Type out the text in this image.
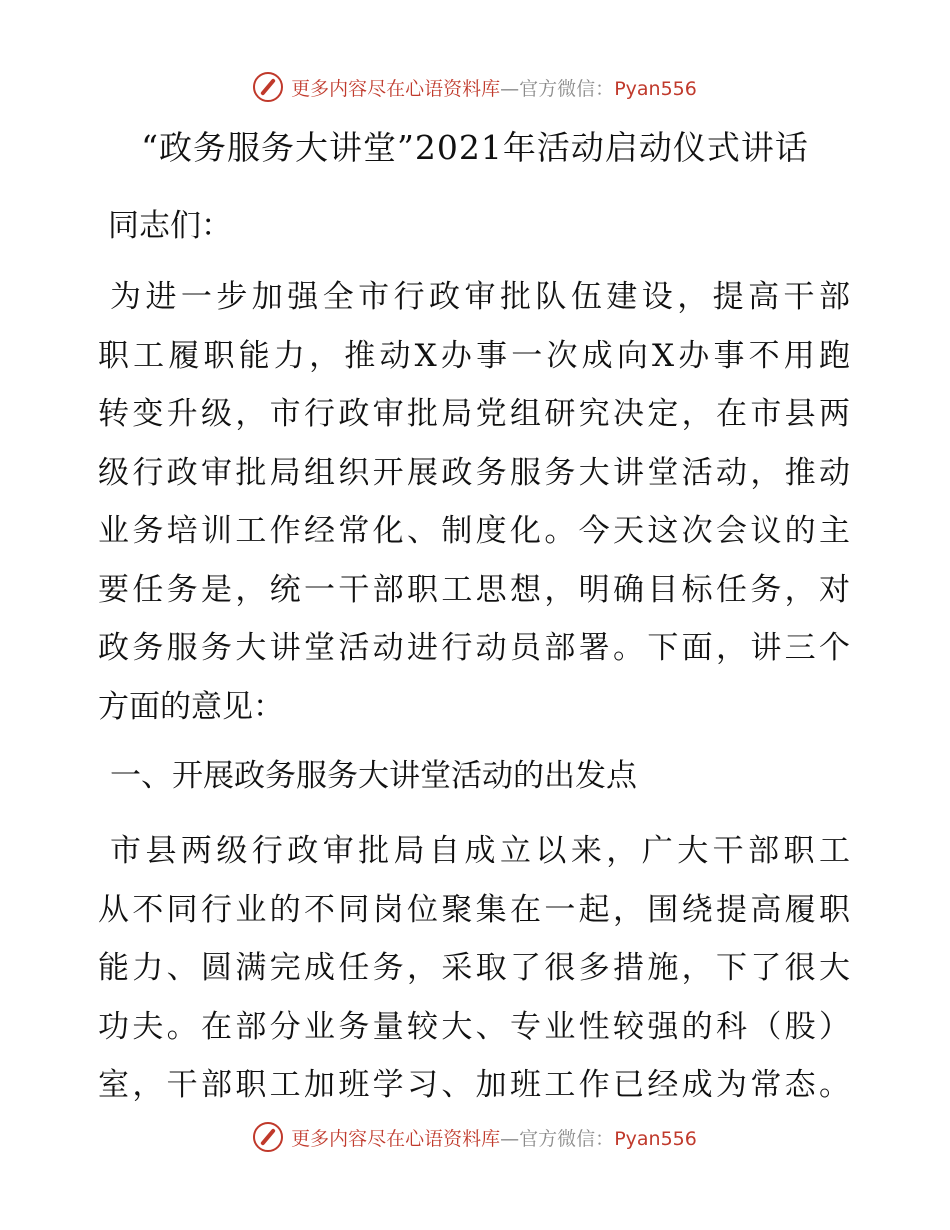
更多内容尽在心语资料库—官方微信：Pyan556
“政务服务大讲堂”2021年活动启动仪式讲话
同志们：
为进一步加强全市行政审批队伍建设，提高干部
职工履职能力，推动X办事一次成向X办事不用跑
转变升级，市行政审批局党组研究决定，在市县两
级行政审批局组织开展政务服务大讲堂活动，推动
业务培训工作经常化、制度化。今天这次会议的主
要任务是，统一干部职工思想，明确目标任务，对
政务服务大讲堂活动进行动员部署。下面，讲三个
方面的意见：
一、开展政务服务大讲堂活动的出发点
市县两级行政审批局自成立以来，广大干部职工
从不同行业的不同岗位聚集在一起，围绕提高履职
能力、圆满完成任务，采取了很多措施，下了很大
功夫。在部分业务量较大、专业性较强的科（股）
室，干部职工加班学习、加班工作已经成为常态。
更多内容尽在心语资料库—官方微信：Pyan556
